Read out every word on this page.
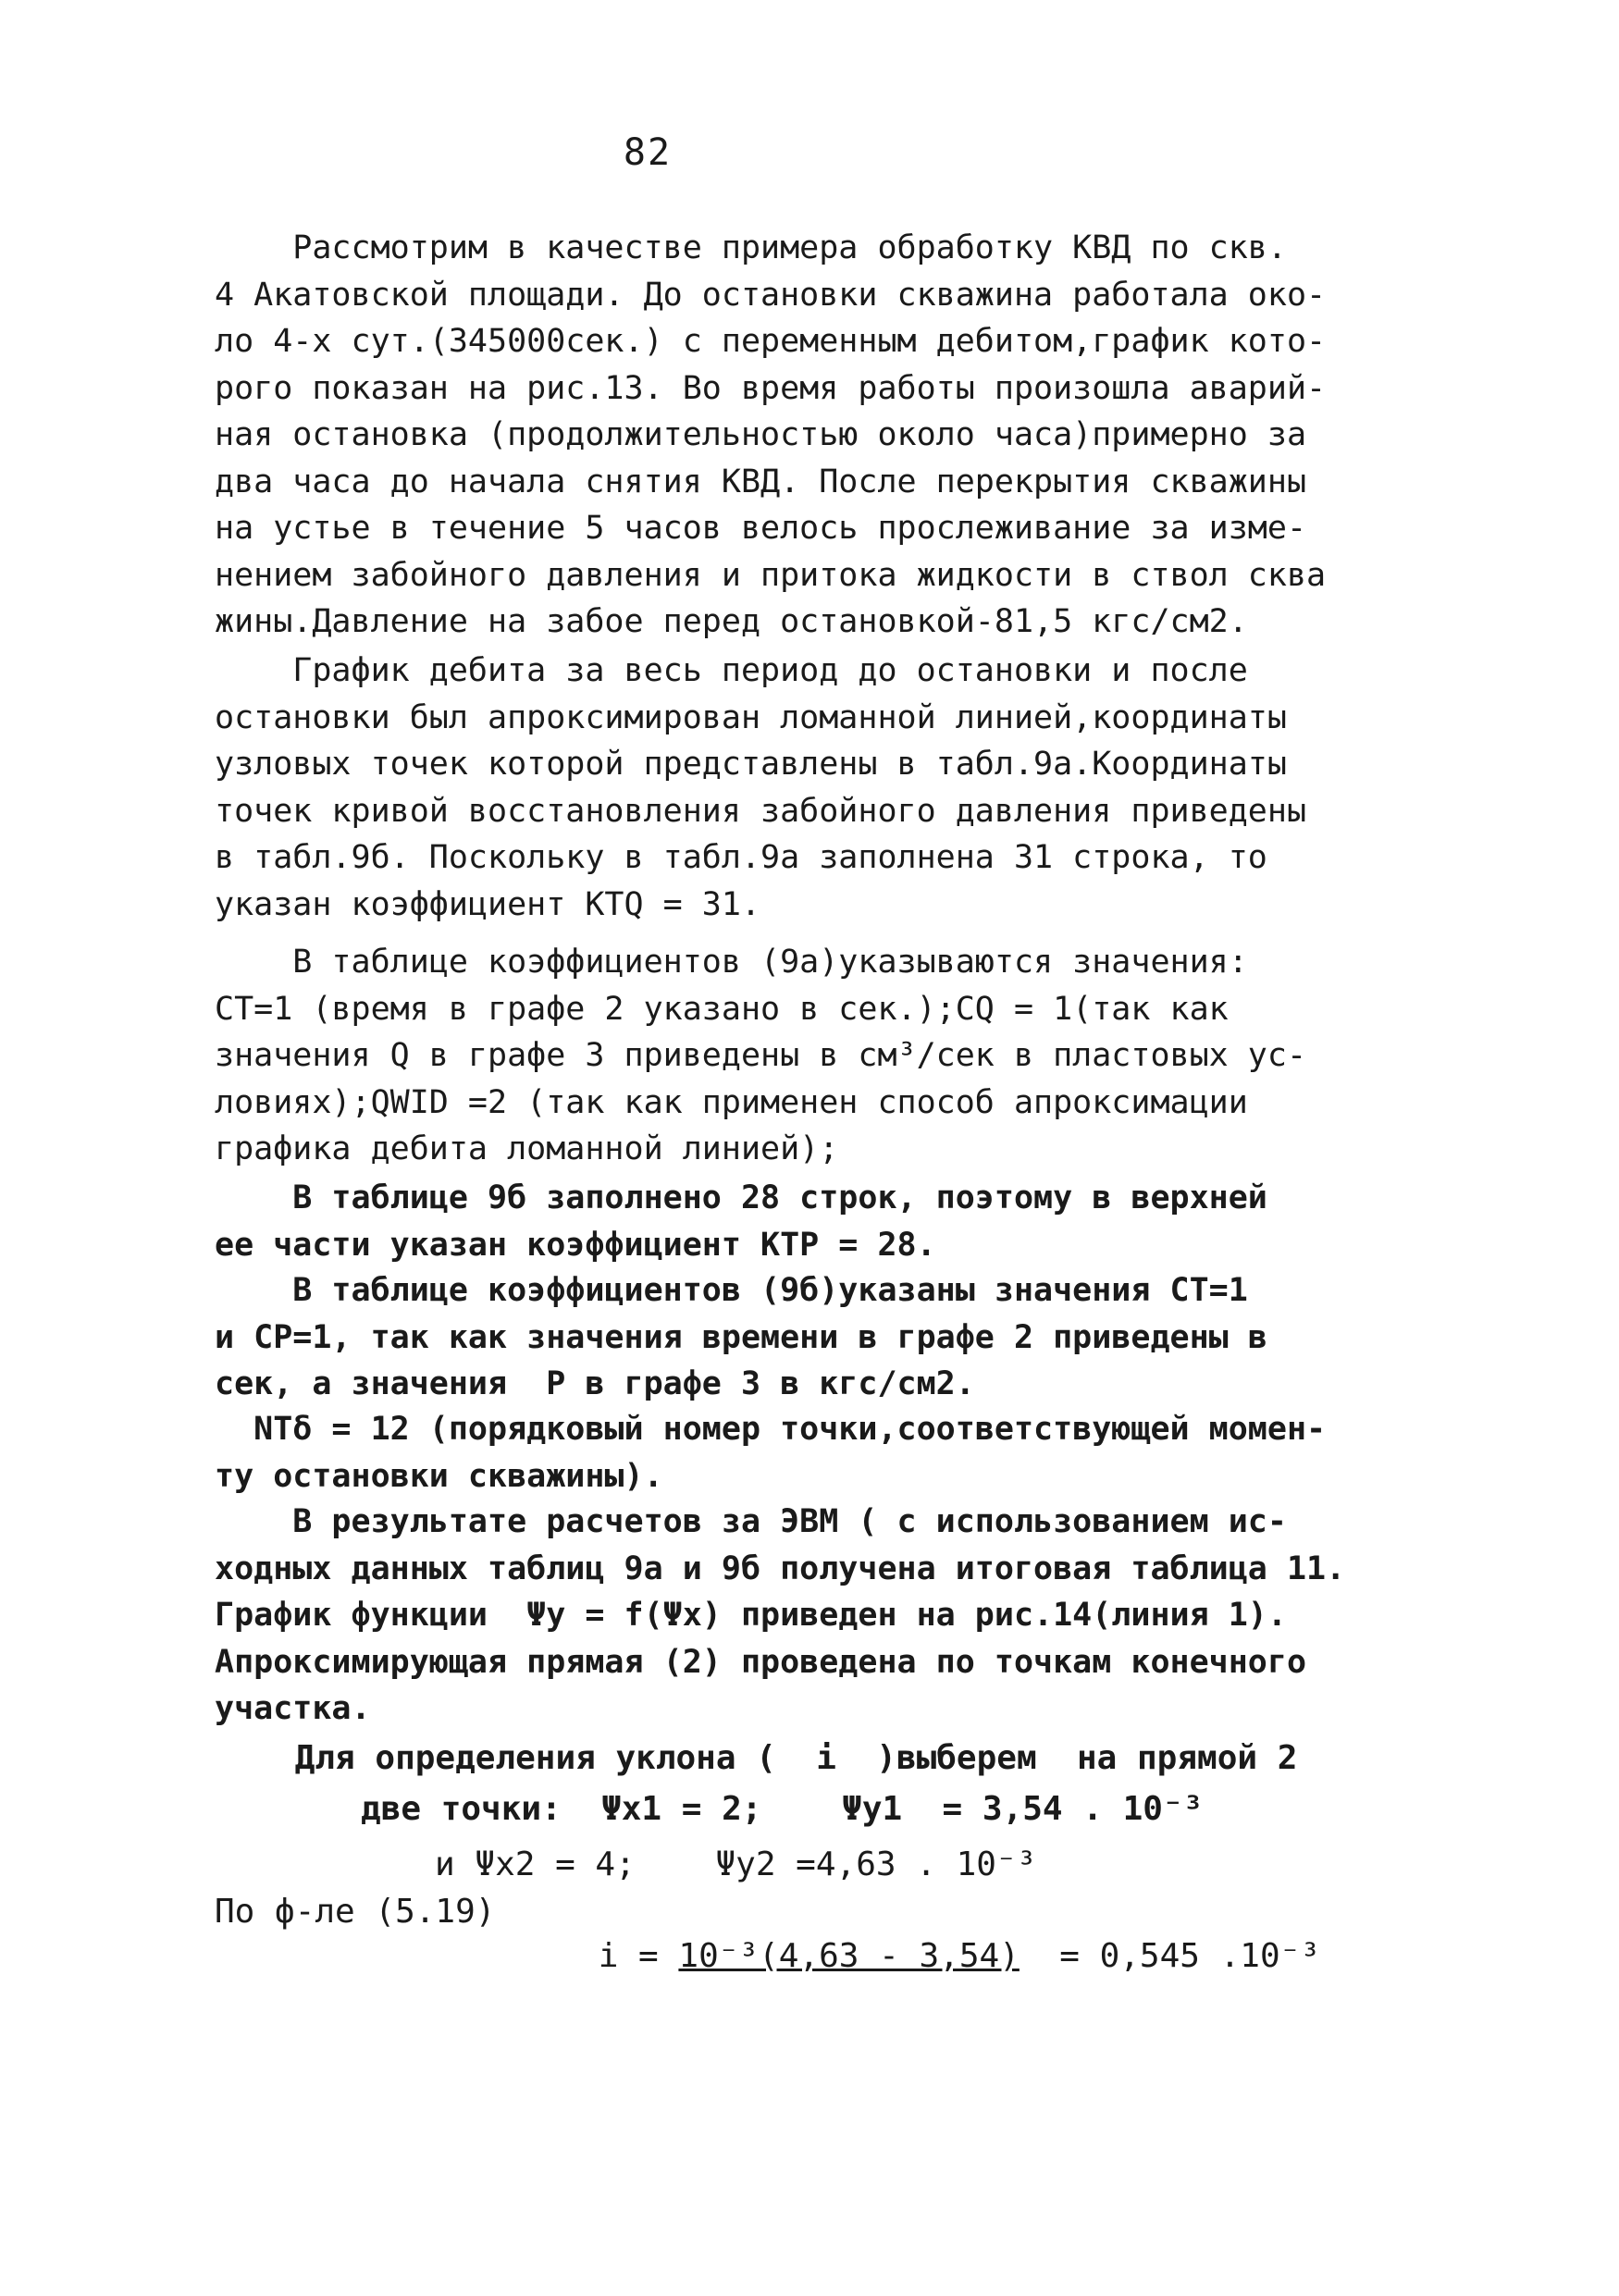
82
Рассмотрим в качестве примера обработку КВД по скв.
4 Акатовской площади. До остановки скважина работала око-
ло 4-х сут.(345000сек.) с переменным дебитом,график кото-
рого показан на рис.13. Во время работы произошла аварий-
ная остановка (продолжительностью около часа)примерно за
два часа до начала снятия КВД. После перекрытия скважины
на устье в течение 5 часов велось прослеживание за изме-
нением забойного давления и притока жидкости в ствол сква
жины.Давление на забое перед остановкой-81,5 кгс/см2.
График дебита за весь период до остановки и после
остановки был апроксимирован ломанной линией,координаты
узловых точек которой представлены в табл.9а.Координаты
точек кривой восстановления забойного давления приведены
в табл.9б. Поскольку в табл.9а заполнена 31 строка, то
указан коэффициент КТQ = 31.
В таблице коэффициентов (9а)указываются значения:
CT=1 (время в графе 2 указано в сек.);CQ = 1(так как
значения Q в графе 3 приведены в см³/сек в пластовых ус-
ловиях);QWID =2 (так как применен способ апроксимации
графика дебита ломанной линией);
В таблице 9б заполнено 28 строк, поэтому в верхней
ее части указан коэффициент КТР = 28.
В таблице коэффициентов (9б)указаны значения СТ=1
и СР=1, так как значения времени в графе 2 приведены в
сек, а значения  Р в графе 3 в кгс/см2.
NTδ = 12 (порядковый номер точки,соответствующей момен-
ту остановки скважины).
В результате расчетов за ЭВМ ( с использованием ис-
ходных данных таблиц 9а и 9б получена итоговая таблица 11.
График функции  Ψy = f(Ψx) приведен на рис.14(линия 1).
Апроксимирующая прямая (2) проведена по точкам конечного
участка.
Для определения уклона (  i  )выберем  на прямой 2
две точки:  Ψx1 = 2;    Ψy1  = 3,54 . 10⁻³
и Ψx2 = 4;    Ψy2 =4,63 . 10⁻³
По ф-ле (5.19)

i = 10⁻³(4,63 - 3,54)  = 0,545 .10⁻³
